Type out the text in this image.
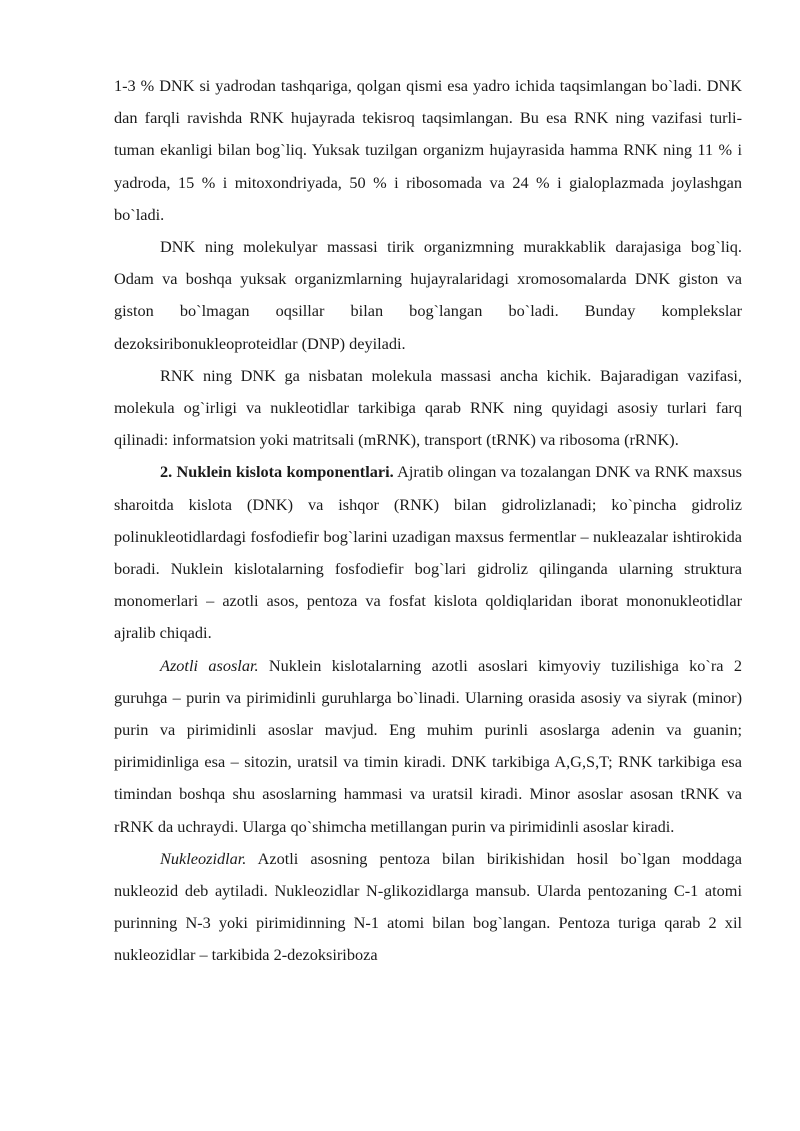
1-3 % DNK si yadrodan tashqariga, qolgan qismi esa yadro ichida taqsimlangan bo`ladi. DNK dan farqli ravishda RNK hujayrada tekisroq taqsimlangan. Bu esa RNK ning vazifasi turli-tuman ekanligi bilan bog`liq. Yuksak tuzilgan organizm hujayrasida hamma RNK ning 11 % i yadroda, 15 % i mitoxondriyada, 50 % i ribosomada va 24 % i gialoplazmada joylashgan bo`ladi.

DNK ning molekulyar massasi tirik organizmning murakkablik darajasiga bog`liq. Odam va boshqa yuksak organizmlarning hujayralaridagi xromosomalarda DNK giston va giston bo`lmagan oqsillar bilan bog`langan bo`ladi. Bunday komplekslar dezoksiribonukleoproteidlar (DNP) deyiladi.

RNK ning DNK ga nisbatan molekula massasi ancha kichik. Bajaradigan vazifasi, molekula og`irligi va nukleotidlar tarkibiga qarab RNK ning quyidagi asosiy turlari farq qilinadi: informatsion yoki matritsali (mRNK), transport (tRNK) va ribosoma (rRNK).

2. Nuklein kislota komponentlari. Ajratib olingan va tozalangan DNK va RNK maxsus sharoitda kislota (DNK) va ishqor (RNK) bilan gidrolizlanadi; ko`pincha gidroliz polinukleotidlardagi fosfodiefir bog`larini uzadigan maxsus fermentlar – nukleazalar ishtirokida boradi. Nuklein kislotalarning fosfodiefir bog`lari gidroliz qilinganda ularning struktura monomerlari – azotli asos, pentoza va fosfat kislota qoldiqlaridan iborat mononukleotidlar ajralib chiqadi.

Azotli asoslar. Nuklein kislotalarning azotli asoslari kimyoviy tuzilishiga ko`ra 2 guruhga – purin va pirimidinli guruhlarga bo`linadi. Ularning orasida asosiy va siyrak (minor) purin va pirimidinli asoslar mavjud. Eng muhim purinli asoslarga adenin va guanin; pirimidinliga esa – sitozin, uratsil va timin kiradi. DNK tarkibiga A,G,S,T; RNK tarkibiga esa timindan boshqa shu asoslarning hammasi va uratsil kiradi. Minor asoslar asosan tRNK va rRNK da uchraydi. Ularga qo`shimcha metillangan purin va pirimidinli asoslar kiradi.

Nukleozidlar. Azotli asosning pentoza bilan birikishidan hosil bo`lgan moddaga nukleozid deb aytiladi. Nukleozidlar N-glikozidlarga mansub. Ularda pentozaning C-1 atomi purinning N-3 yoki pirimidinning N-1 atomi bilan bog`langan. Pentoza turiga qarab 2 xil nukleozidlar – tarkibida 2-dezoksiriboza
